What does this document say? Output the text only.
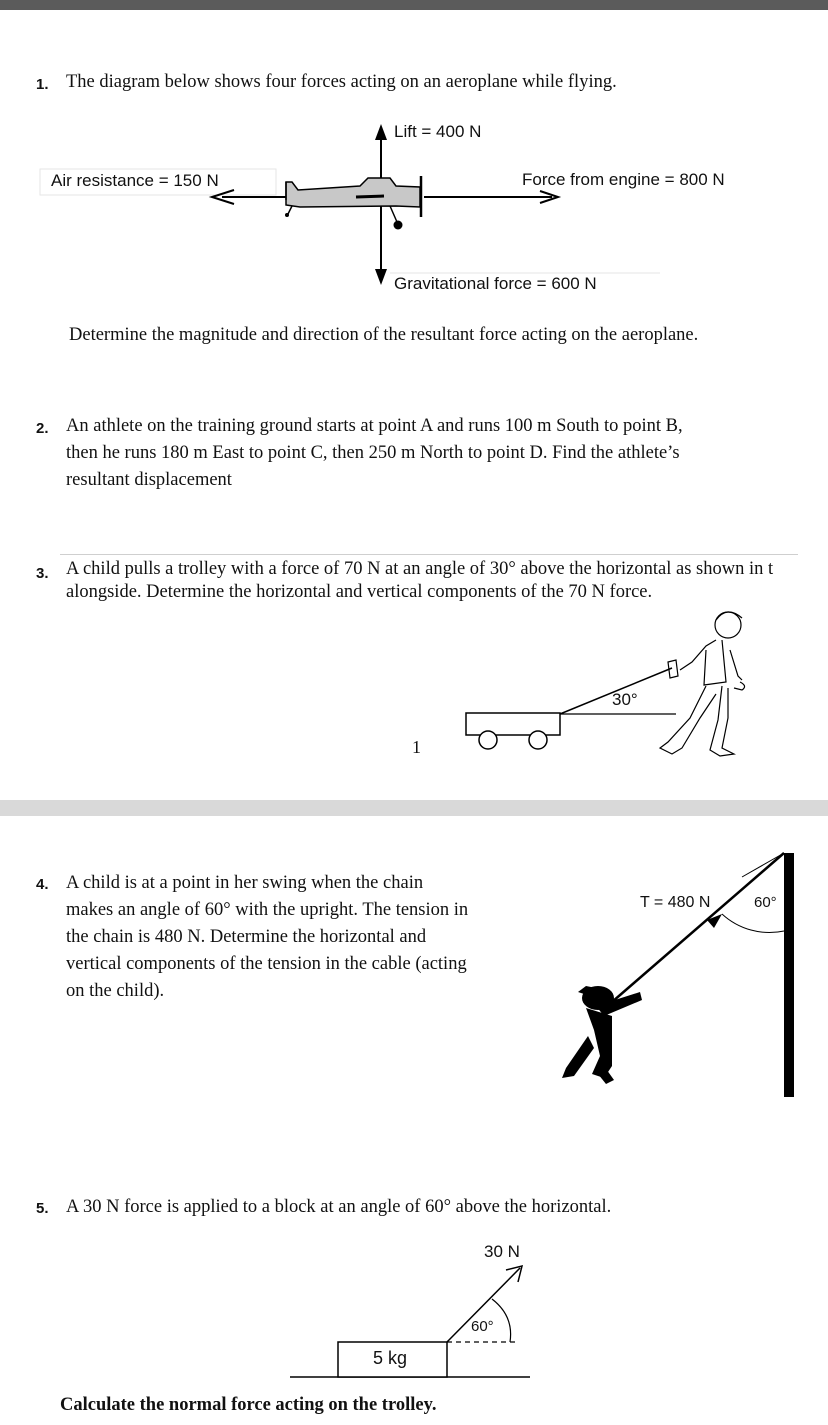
1. The diagram below shows four forces acting on an aeroplane while flying.
Lift = 400 N
Air resistance = 150 N	Force from engine = 800 N
Gravitational force = 600 N
Determine the magnitude and direction of the resultant force acting on the aeroplane.
2. An athlete on the training ground starts at point A and runs 100 m South to point B,
then he runs 180 m East to point C, then 250 m North to point D. Find the athlete’s
resultant displacement
3. A child pulls a trolley with a force of 70 N at an angle of 30° above the horizontal as shown in t
alongside. Determine the horizontal and vertical components of the 70 N force.
30°
1
4. A child is at a point in her swing when the chain
makes an angle of 60° with the upright. The tension in
the chain is 480 N. Determine the horizontal and
vertical components of the tension in the cable (acting
on the child).
T = 480 N	60°
5. A 30 N force is applied to a block at an angle of 60° above the horizontal.
30 N
60°
5 kg
Calculate the normal force acting on the trolley.
